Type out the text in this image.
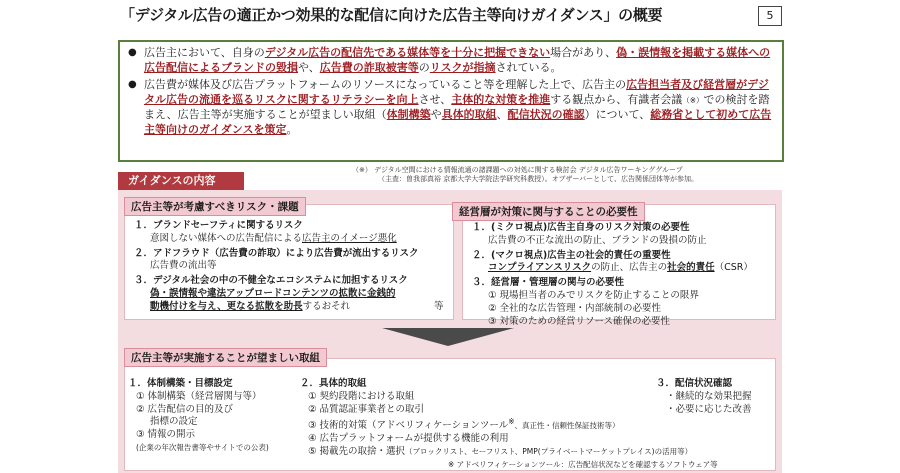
「デジタル広告の適正かつ効果的な配信に向けた広告主等向けガイダンス」の概要	5
● 広告主において、自身のデジタル広告の配信先である媒体等を十分に把握できない場合があり、偽・誤情報を掲載する媒体への広告配信によるブランドの毀損や、広告費の詐取被害等のリスクが指摘されている。
● 広告費が媒体及び広告プラットフォームのリソースになっていること等を理解した上で、広告主の広告担当者及び経営層がデジタル広告の流通を巡るリスクに関するリテラシーを向上させ、主体的な対策を推進する観点から、有識者会議（※）での検討を踏まえ、広告主等が実施することが望ましい取組（体制構築や具体的取組、配信状況の確認）について、総務省として初めて広告主等向けのガイダンスを策定。
（※） デジタル空間における情報流通の諸課題への対処に関する検討会 デジタル広告ワーキンググループ
（主査：曽我部真裕 京都大学大学院法学研究科教授）。オブザーバーとして、広告関係団体等が参加。
ガイダンスの内容
広告主等が考慮すべきリスク・課題
１．ブランドセーフティに関するリスク
意図しない媒体への広告配信による広告主のイメージ悪化
２．アドフラウド（広告費の詐取）により広告費が流出するリスク
広告費の流出等
３．デジタル社会の中の不健全なエコシステムに加担するリスク
偽・誤情報や違法アップロードコンテンツの拡散に金銭的
動機付けを与え、更なる拡散を助長するおそれ	等
経営層が対策に関与することの必要性
１．(ミクロ視点)広告主自身のリスク対策の必要性
広告費の不正な流出の防止、ブランドの毀損の防止
２．(マクロ視点)広告主の社会的責任の重要性
コンプライアンスリスクの防止、広告主の社会的責任（CSR）
３．経営層・管理層の関与の必要性
① 現場担当者のみでリスクを防止することの限界
② 全社的な広告管理・内部統制の必要性
③ 対策のための経営リソース確保の必要性
広告主等が実施することが望ましい取組
１．体制構築・目標設定
① 体制構築（経営層関与等）
② 広告配信の目的及び
指標の設定
③ 情報の開示
(企業の年次報告書等やサイトでの公表)
２．具体的取組
① 契約段階における取組
② 品質認証事業者との取引
③ 技術的対策（アドベリフィケーションツール※、真正性・信頼性保証技術等）
④ 広告プラットフォームが提供する機能の利用
⑤ 掲載先の取捨・選択（ブロックリスト、セーフリスト、PMP(プライベートマーケットプレイス)の活用等）
３．配信状況確認
・継続的な効果把握
・必要に応じた改善
※ アドベリフィケーションツール：広告配信状況などを確認するソフトウェア等
